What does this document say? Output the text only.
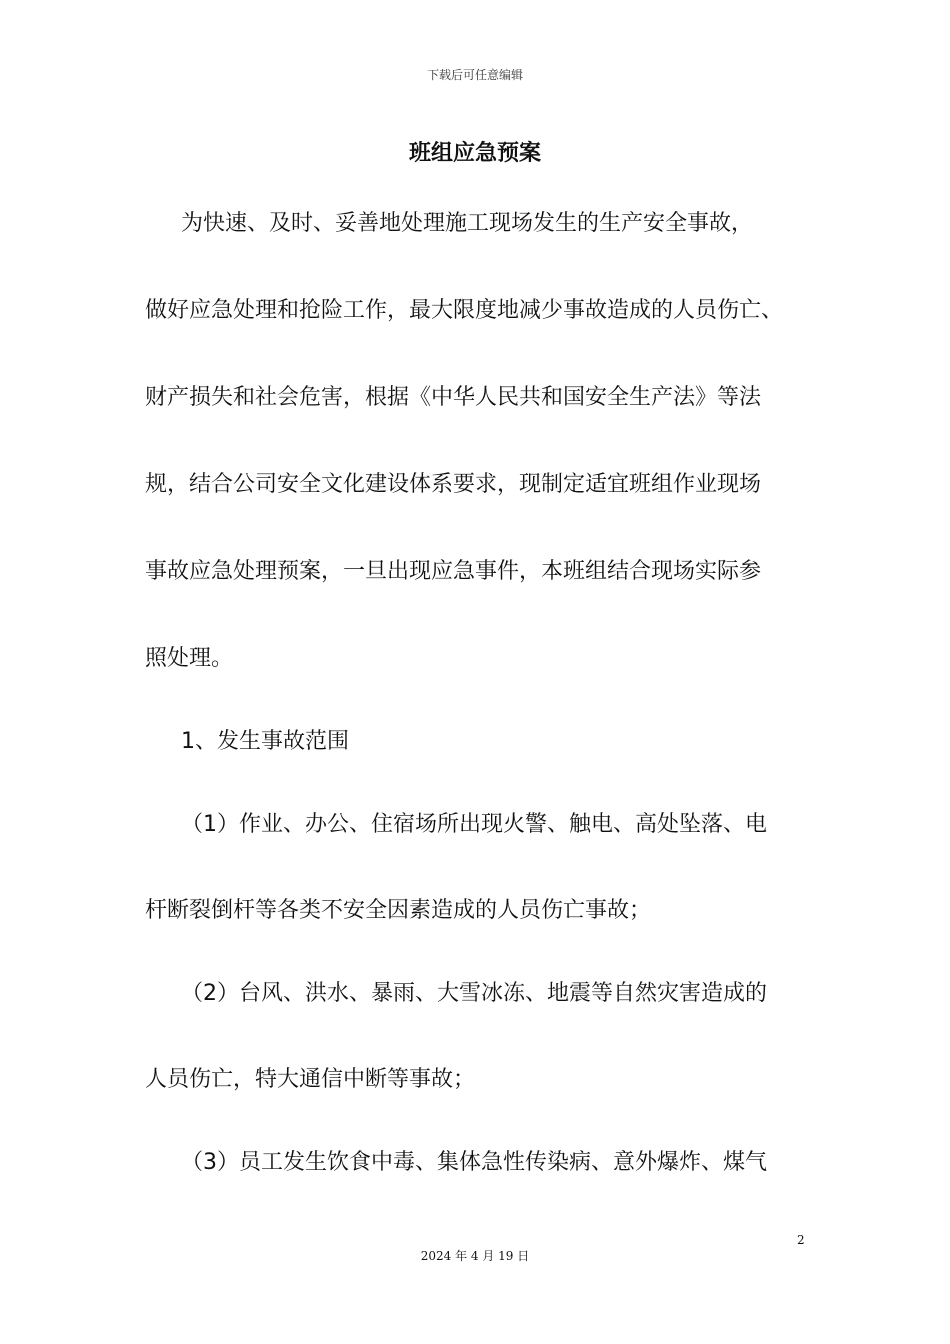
下载后可任意编辑
班组应急预案
为快速、及时、妥善地处理施工现场发生的生产安全事故，
做好应急处理和抢险工作，最大限度地减少事故造成的人员伤亡、
财产损失和社会危害，根据《中华人民共和国安全生产法》等法
规，结合公司安全文化建设体系要求，现制定适宜班组作业现场
事故应急处理预案，一旦出现应急事件，本班组结合现场实际参
照处理。
1、发生事故范围
（1）作业、办公、住宿场所出现火警、触电、高处坠落、电
杆断裂倒杆等各类不安全因素造成的人员伤亡事故；
（2）台风、洪水、暴雨、大雪冰冻、地震等自然灾害造成的
人员伤亡，特大通信中断等事故；
（3）员工发生饮食中毒、集体急性传染病、意外爆炸、煤气
2
2024 年 4 月 19 日
